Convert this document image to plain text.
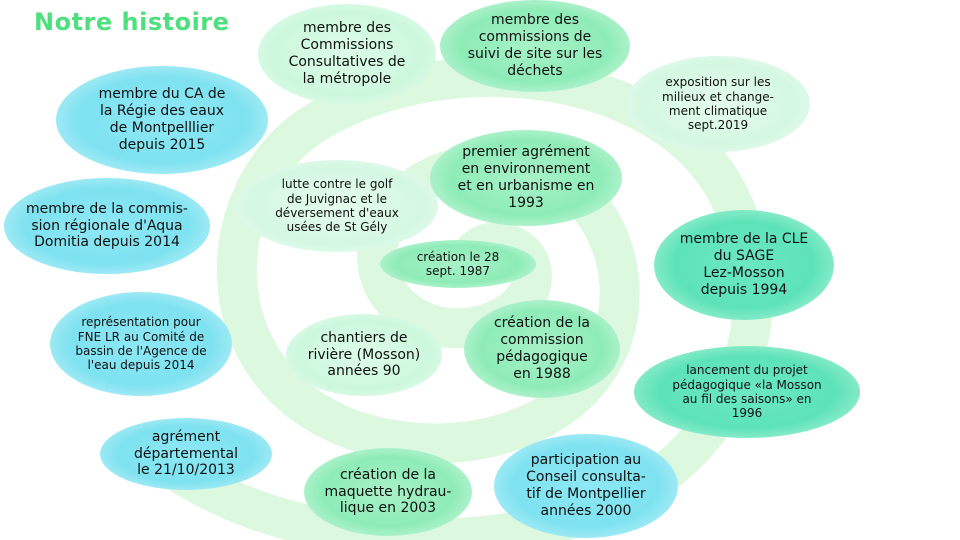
Notre histoire	membre des
Commissions
Consultatives de
la métropole
membre des
commissions de
suivi de site sur les
déchets
exposition sur les
milieux et change-
ment climatique
sept.2019
membre du CA de
la Régie des eaux
de Montpelllier
depuis 2015	premier agrément
en environnement
et en urbanisme en
1993
lutte contre le golf
de Juvignac et le
déversement d'eaux
usées de St Gély
membre de la commis-
sion régionale d'Aqua
Domitia depuis 2014	membre de la CLE
du SAGE
Lez-Mosson
depuis 1994
création le 28
sept. 1987
représentation pour
FNE LR au Comité de
bassin de l'Agence de
l'eau depuis 2014
chantiers de
rivière (Mosson)
années 90
création de la
commission
pédagogique
en 1988	lancement du projet
pédagogique «la Mosson
au fil des saisons» en
1996
agrément
départemental
le 21/10/2013	création de la
maquette hydrau-
lique en 2003
participation au
Conseil consulta-
tif de Montpellier
années 2000
